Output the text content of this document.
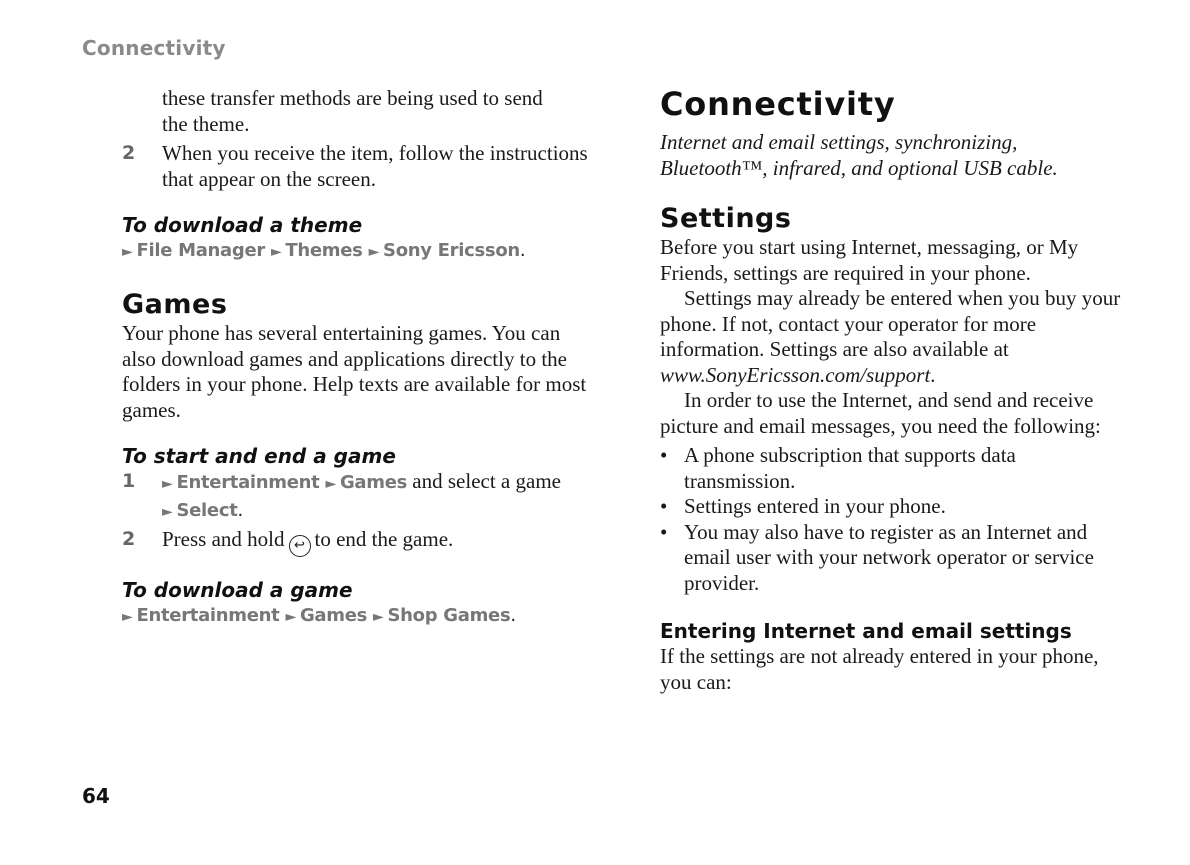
Connectivity
these transfer methods are being used to send
the theme.
2 When you receive the item, follow the instructions that appear on the screen.
To download a theme
► File Manager ► Themes ► Sony Ericsson.
Games
Your phone has several entertaining games. You can also download games and applications directly to the folders in your phone. Help texts are available for most games.
To start and end a game
1 ► Entertainment ► Games and select a game
► Select.
2 Press and hold ↩ to end the game.
To download a game
► Entertainment ► Games ► Shop Games.
Connectivity
Internet and email settings, synchronizing, Bluetooth™, infrared, and optional USB cable.
Settings
Before you start using Internet, messaging, or My Friends, settings are required in your phone.
Settings may already be entered when you buy your phone. If not, contact your operator for more information. Settings are also available at www.SonyEricsson.com/support.
In order to use the Internet, and send and receive picture and email messages, you need the following:
• A phone subscription that supports data transmission.
• Settings entered in your phone.
• You may also have to register as an Internet and email user with your network operator or service provider.
Entering Internet and email settings
If the settings are not already entered in your phone, you can:
64
